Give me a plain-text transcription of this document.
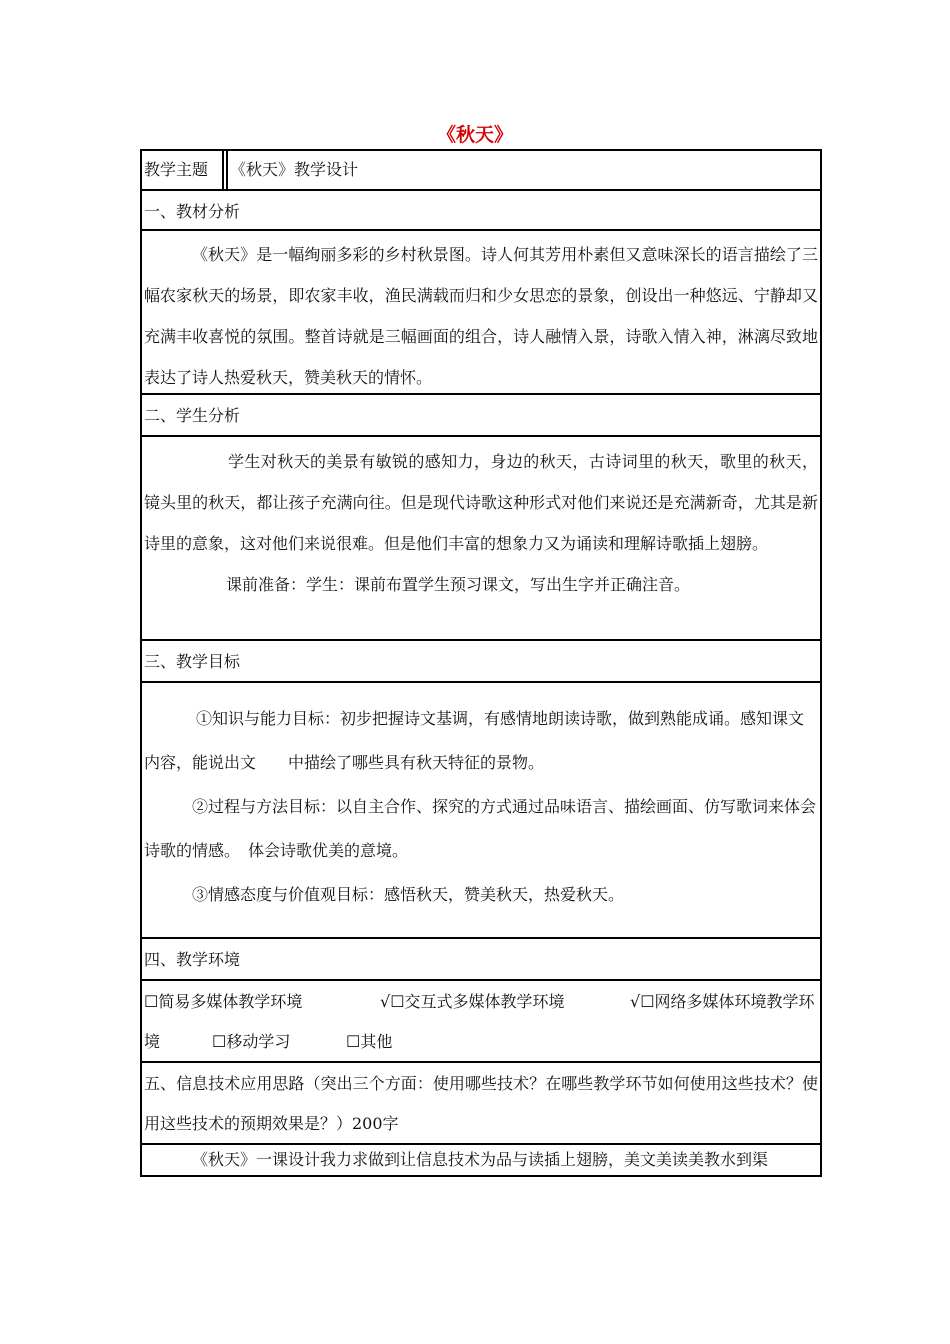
《秋天》
教学主题	《秋天》教学设计
一、教材分析
《秋天》是一幅绚丽多彩的乡村秋景图。诗人何其芳用朴素但又意味深长的语言描绘了三幅农家秋天的场景，即农家丰收，渔民满载而归和少女思恋的景象，创设出一种悠远、宁静却又充满丰收喜悦的氛围。整首诗就是三幅画面的组合，诗人融情入景，诗歌入情入神，淋漓尽致地表达了诗人热爱秋天，赞美秋天的情怀。
二、学生分析
学生对秋天的美景有敏锐的感知力，身边的秋天，古诗词里的秋天，歌里的秋天，镜头里的秋天，都让孩子充满向往。但是现代诗歌这种形式对他们来说还是充满新奇，尤其是新诗里的意象，这对他们来说很难。但是他们丰富的想象力又为诵读和理解诗歌插上翅膀。
课前准备：学生：课前布置学生预习课文，写出生字并正确注音。
三、教学目标
①知识与能力目标：初步把握诗文基调，有感情地朗读诗歌，做到熟能成诵。感知课文内容，能说出文　　中描绘了哪些具有秋天特征的景物。
②过程与方法目标：以自主合作、探究的方式通过品味语言、描绘画面、仿写歌词来体会诗歌的情感。　体会诗歌优美的意境。
③情感态度与价值观目标：感悟秋天，赞美秋天，热爱秋天。
四、教学环境
☐简易多媒体教学环境	√☐交互式多媒体教学环境	√☐网络多媒体环境教学环
境	☐移动学习	☐其他
五、信息技术应用思路（突出三个方面：使用哪些技术？在哪些教学环节如何使用这些技术？使用这些技术的预期效果是？）200字
《秋天》一课设计我力求做到让信息技术为品与读插上翅膀，美文美读美教水到渠
